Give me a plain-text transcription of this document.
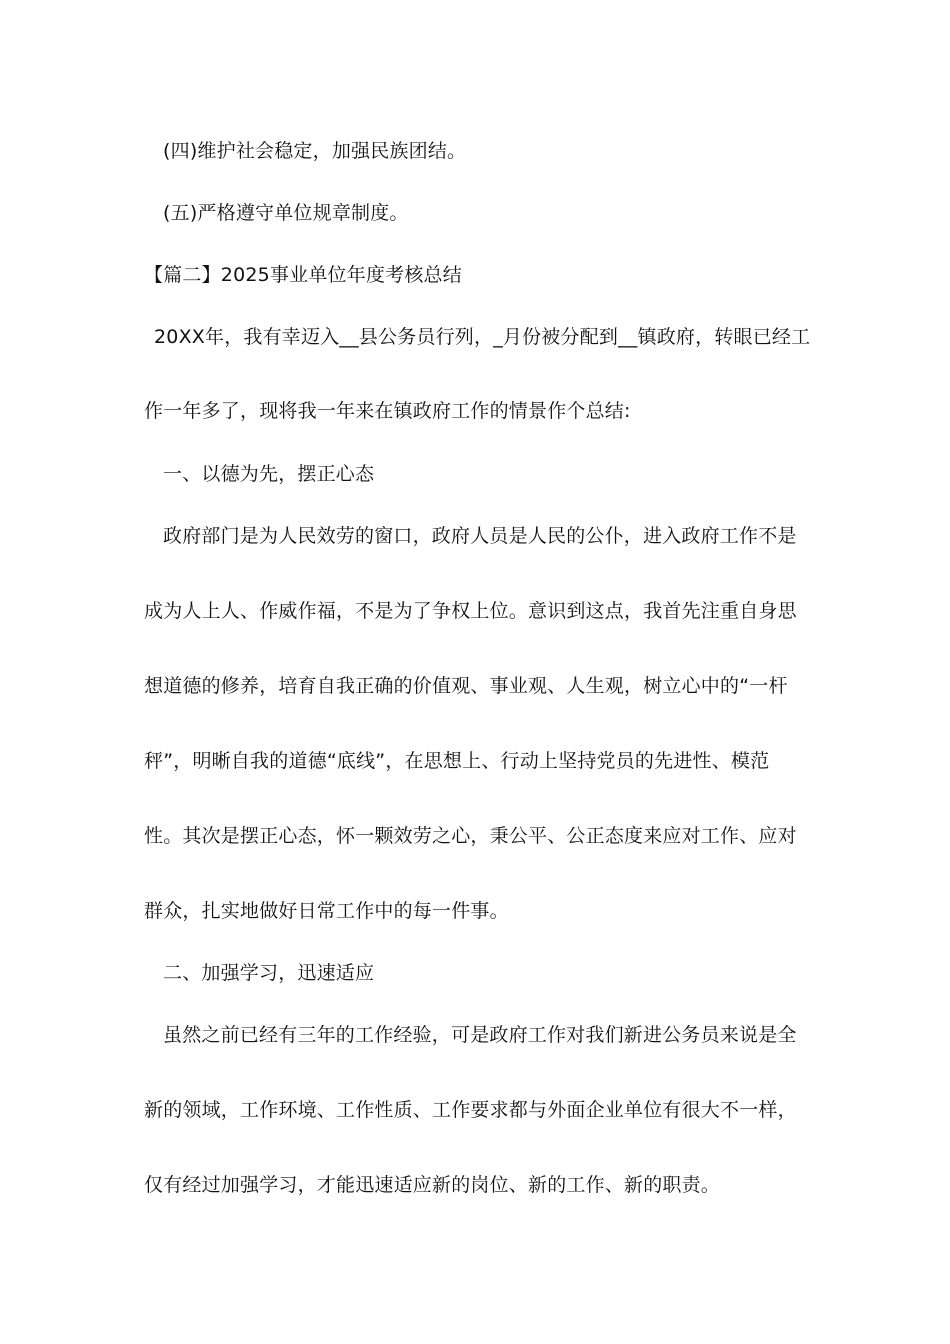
(四)维护社会稳定，加强民族团结。
(五)严格遵守单位规章制度。
【篇二】2025事业单位年度考核总结
20XX年，我有幸迈入__县公务员行列，_月份被分配到__镇政府，转眼已经工
作一年多了，现将我一年来在镇政府工作的情景作个总结:
一、以德为先，摆正心态
政府部门是为人民效劳的窗口，政府人员是人民的公仆，进入政府工作不是
成为人上人、作威作福，不是为了争权上位。意识到这点，我首先注重自身思
想道德的修养，培育自我正确的价值观、事业观、人生观，树立心中的“一杆
秤”，明晰自我的道德“底线”，在思想上、行动上坚持党员的先进性、模范
性。其次是摆正心态，怀一颗效劳之心，秉公平、公正态度来应对工作、应对
群众，扎实地做好日常工作中的每一件事。
二、加强学习，迅速适应
虽然之前已经有三年的工作经验，可是政府工作对我们新进公务员来说是全
新的领域，工作环境、工作性质、工作要求都与外面企业单位有很大不一样，
仅有经过加强学习，才能迅速适应新的岗位、新的工作、新的职责。
